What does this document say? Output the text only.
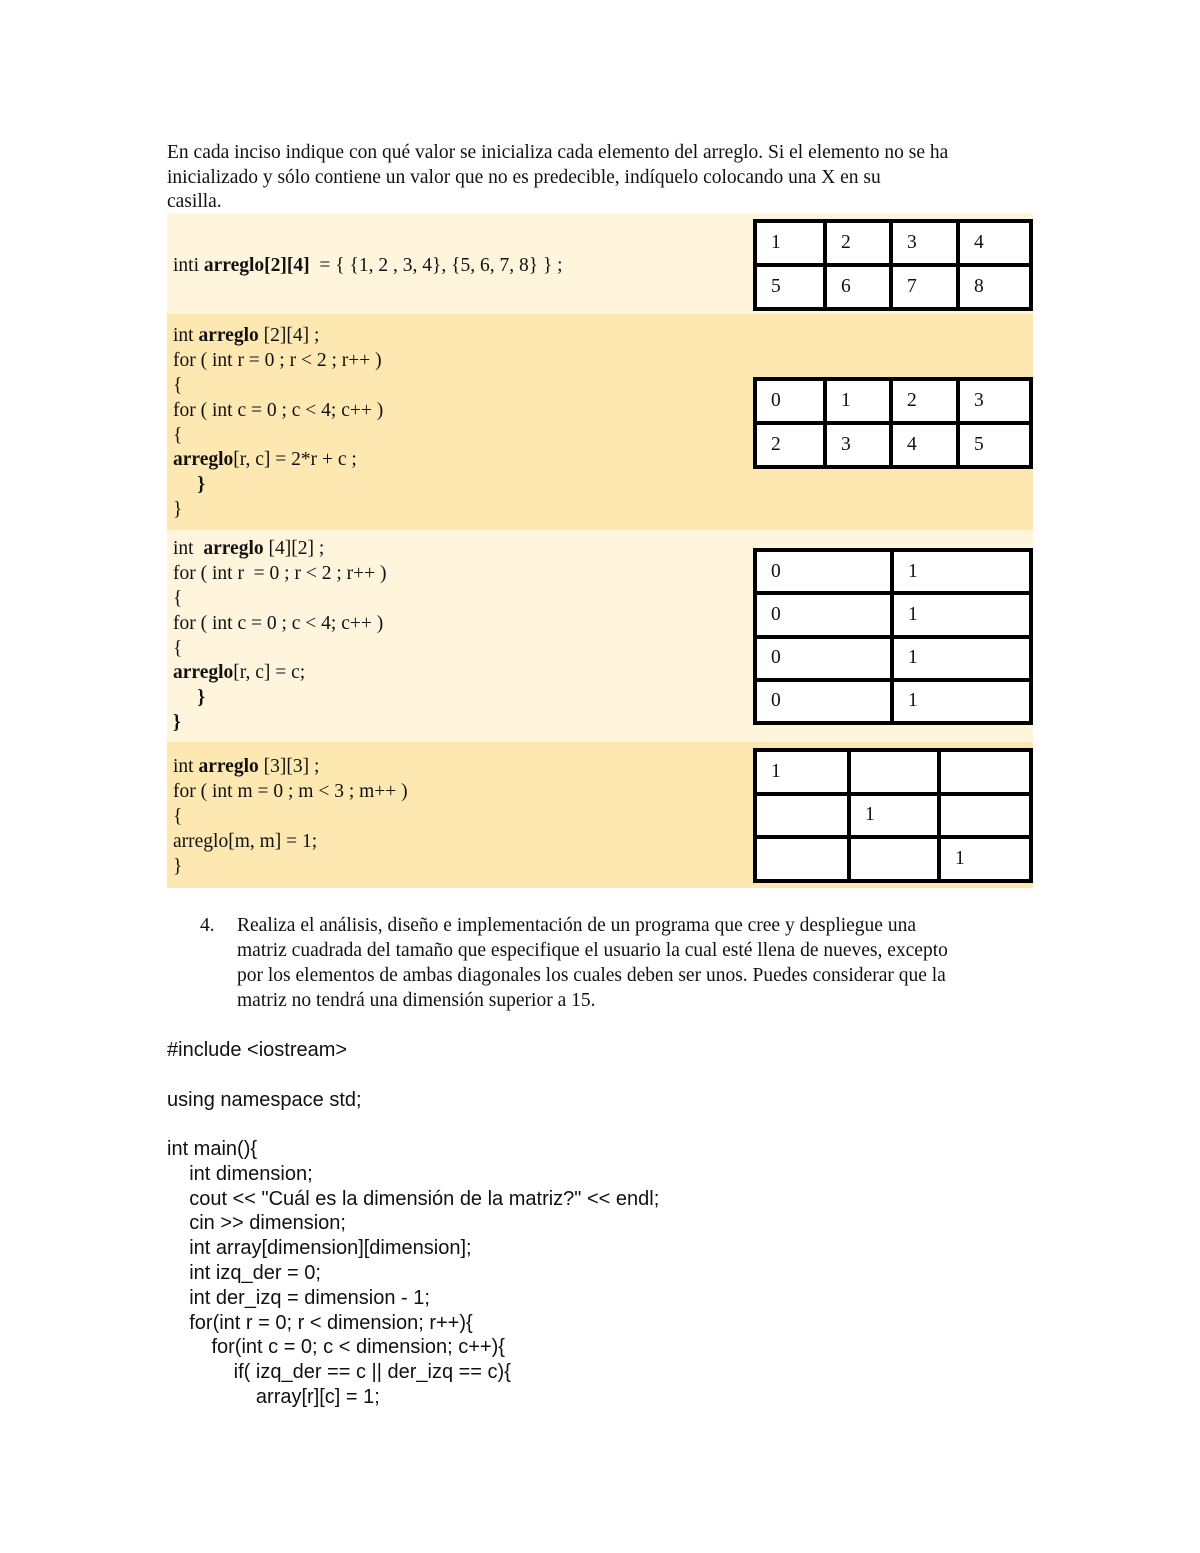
En cada inciso indique con qué valor se inicializa cada elemento del arreglo. Si el elemento no se ha
inicializado y sólo contiene un valor que no es predecible, indíquelo colocando una X en su
casilla.
inti arreglo[2][4]  = { {1, 2 , 3, 4}, {5, 6, 7, 8} } ;
int arreglo [2][4] ;
for ( int r = 0 ; r < 2 ; r++ )
{
for ( int c = 0 ; c < 4; c++ )
{
arreglo[r, c] = 2*r + c ;
}
}
int  arreglo [4][2] ;
for ( int r  = 0 ; r < 2 ; r++ )
{
for ( int c = 0 ; c < 4; c++ )
{
arreglo[r, c] = c;
}
}
int arreglo [3][3] ;
for ( int m = 0 ; m < 3 ; m++ )
{
arreglo[m, m] = 1;
}
1	2	3	4
5	6	7	8
0	1	2	3
2	3	4	5
0	1
0	1
0	1
0	1
1		
	1	
		1
4. Realiza el análisis, diseño e implementación de un programa que cree y despliegue una
matriz cuadrada del tamaño que especifique el usuario la cual esté llena de nueves, excepto
por los elementos de ambas diagonales los cuales deben ser unos. Puedes considerar que la
matriz no tendrá una dimensión superior a 15.
#include <iostream>
using namespace std;
int main(){
int dimension;
cout << "Cuál es la dimensión de la matriz?" << endl;
cin >> dimension;
int array[dimension][dimension];
int izq_der = 0;
int der_izq = dimension - 1;
for(int r = 0; r < dimension; r++){
for(int c = 0; c < dimension; c++){
if( izq_der == c || der_izq == c){
array[r][c] = 1;
